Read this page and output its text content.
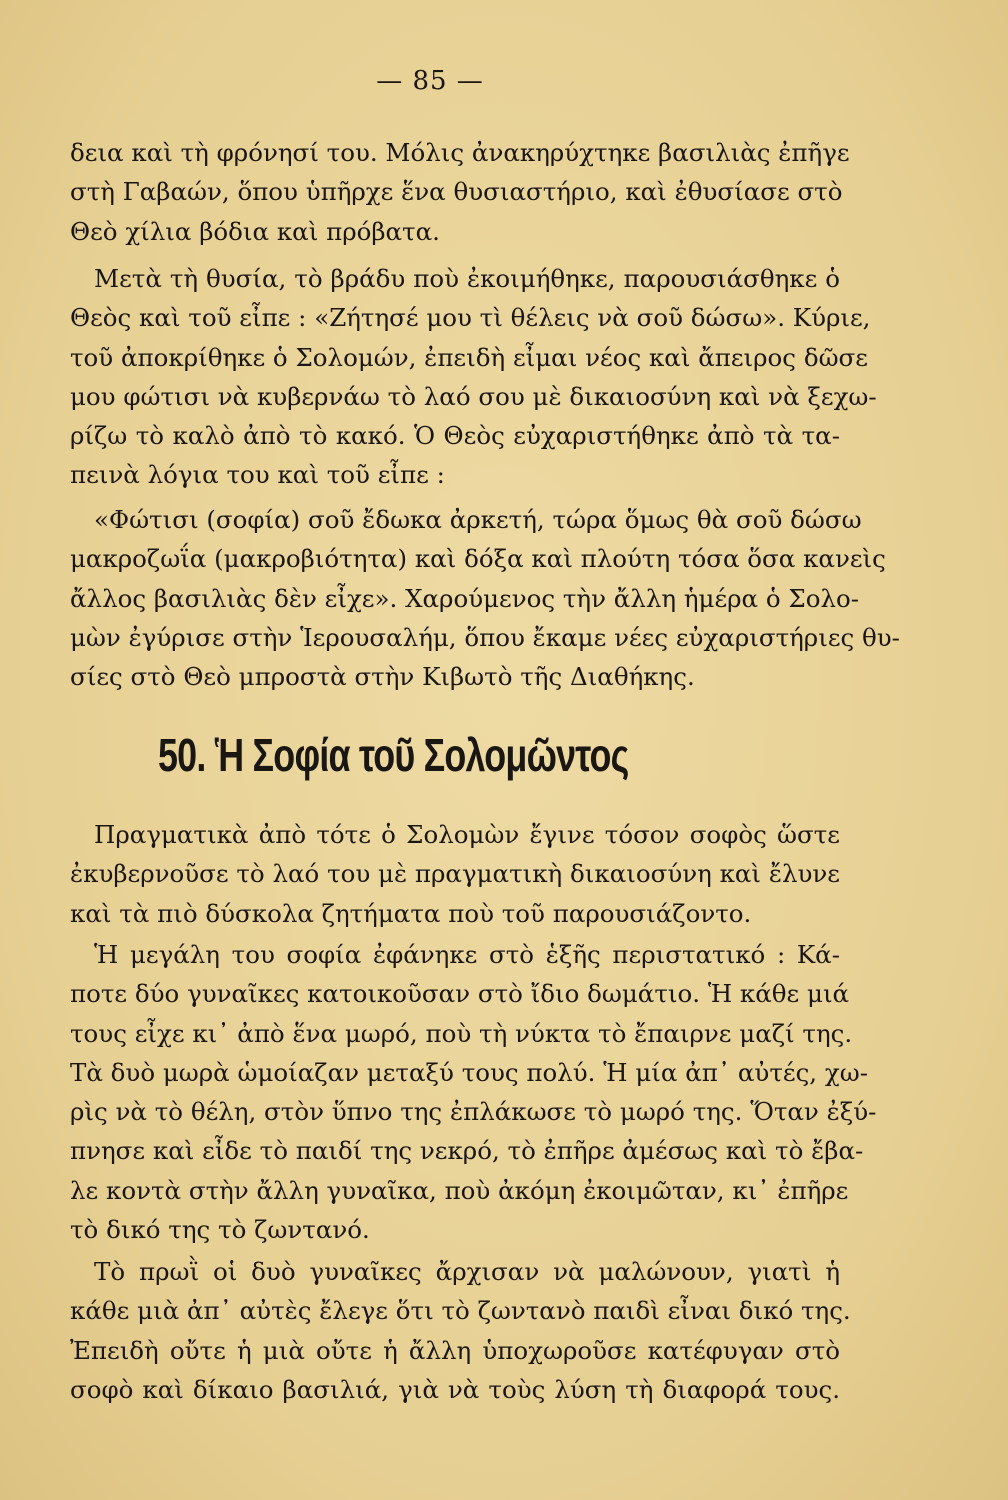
— 85 —
δεια καὶ τὴ φρόνησί του. Μόλις ἀνακηρύχτηκε βασιλιὰς ἐπῆγε
στὴ Γαβαών, ὅπου ὑπῆρχε ἕνα θυσιαστήριο, καὶ ἐθυσίασε στὸ
Θεὸ χίλια βόδια καὶ πρόβατα.
Μετὰ τὴ θυσία, τὸ βράδυ ποὺ ἐκοιμήθηκε, παρουσιάσθηκε ὁ
Θεὸς καὶ τοῦ εἶπε : «Ζήτησέ μου τὶ θέλεις νὰ σοῦ δώσω». Κύριε,
τοῦ ἀποκρίθηκε ὁ Σολομών, ἐπειδὴ εἶμαι νέος καὶ ἄπειρος δῶσε
μου φώτισι νὰ κυβερνάω τὸ λαό σου μὲ δικαιοσύνη καὶ νὰ ξεχω-
ρίζω τὸ καλὸ ἀπὸ τὸ κακό. Ὁ Θεὸς εὐχαριστήθηκε ἀπὸ τὰ τα-
πεινὰ λόγια του καὶ τοῦ εἶπε :
«Φώτισι (σοφία) σοῦ ἔδωκα ἀρκετή, τώρα ὅμως θὰ σοῦ δώσω
μακροζωΐα (μακροβιότητα) καὶ δόξα καὶ πλούτη τόσα ὅσα κανεὶς
ἄλλος βασιλιὰς δὲν εἶχε». Χαρούμενος τὴν ἄλλη ἡμέρα ὁ Σολο-
μὼν ἐγύρισε στὴν Ἱερουσαλήμ, ὅπου ἔκαμε νέες εὐχαριστήριες θυ-
σίες στὸ Θεὸ μπροστὰ στὴν Κιβωτὸ τῆς Διαθήκης.
50. Ἡ Σοφία τοῦ Σολομῶντος
Πραγματικὰ ἀπὸ τότε ὁ Σολομὼν ἔγινε τόσον σοφὸς ὥστε
ἐκυβερνοῦσε τὸ λαό του μὲ πραγματικὴ δικαιοσύνη καὶ ἔλυνε
καὶ τὰ πιὸ δύσκολα ζητήματα ποὺ τοῦ παρουσιάζοντο.
Ἡ μεγάλη του σοφία ἐφάνηκε στὸ ἑξῆς περιστατικό : Κά-
ποτε δύο γυναῖκες κατοικοῦσαν στὸ ἴδιο δωμάτιο. Ἡ κάθε μιά
τους εἶχε κι᾽ ἀπὸ ἕνα μωρό, ποὺ τὴ νύκτα τὸ ἔπαιρνε μαζί της.
Τὰ δυὸ μωρὰ ὡμοίαζαν μεταξύ τους πολύ. Ἡ μία ἀπ᾽ αὐτές, χω-
ρὶς νὰ τὸ θέλη, στὸν ὕπνο της ἐπλάκωσε τὸ μωρό της. Ὅταν ἐξύ-
πνησε καὶ εἶδε τὸ παιδί της νεκρό, τὸ ἐπῆρε ἀμέσως καὶ τὸ ἔβα-
λε κοντὰ στὴν ἄλλη γυναῖκα, ποὺ ἀκόμη ἐκοιμῶταν, κι᾽ ἐπῆρε
τὸ δικό της τὸ ζωντανό.
Τὸ πρωῒ οἱ δυὸ γυναῖκες ἄρχισαν νὰ μαλώνουν, γιατὶ ἡ
κάθε μιὰ ἀπ᾽ αὐτὲς ἔλεγε ὅτι τὸ ζωντανὸ παιδὶ εἶναι δικό της.
Ἐπειδὴ οὔτε ἡ μιὰ οὔτε ἡ ἄλλη ὑποχωροῦσε κατέφυγαν στὸ
σοφὸ καὶ δίκαιο βασιλιά, γιὰ νὰ τοὺς λύση τὴ διαφορά τους.
